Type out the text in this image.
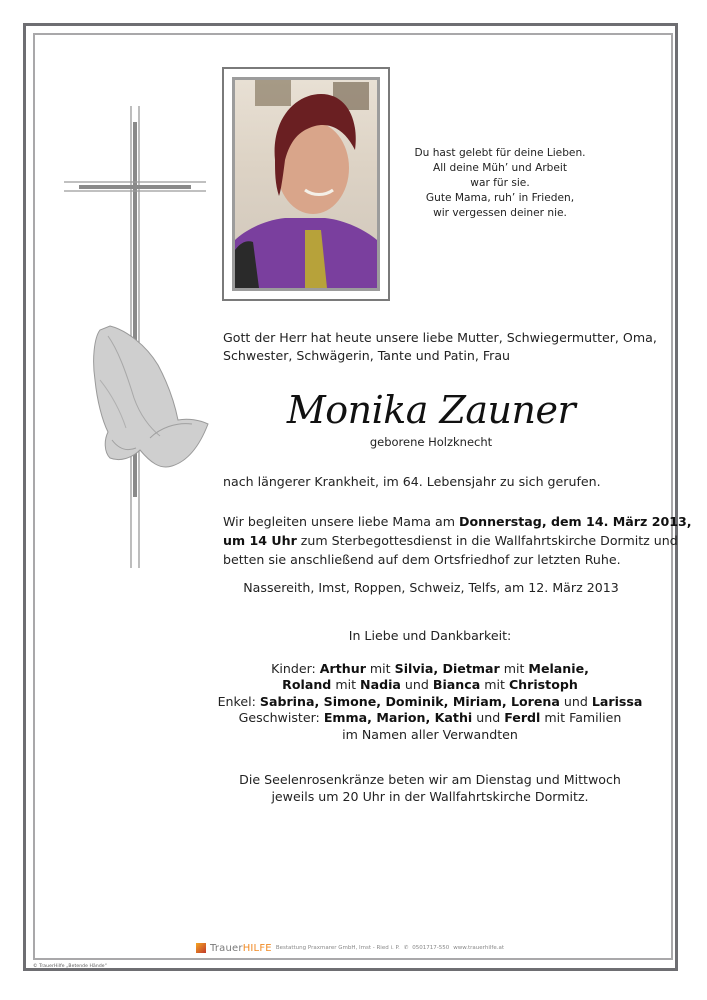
Du hast gelebt für deine Lieben.
All deine Müh’ und Arbeit
war für sie.
Gute Mama, ruh’ in Frieden,
wir vergessen deiner nie.
Gott der Herr hat heute unsere liebe Mutter, Schwiegermutter, Oma,
Schwester, Schwägerin, Tante und Patin, Frau
Monika Zauner
geborene Holzknecht
nach längerer Krankheit, im 64. Lebensjahr zu sich gerufen.
Wir begleiten unsere liebe Mama am Donnerstag, dem 14. März 2013,
um 14 Uhr zum Sterbegottesdienst in die Wallfahrtskirche Dormitz und
betten sie anschließend auf dem Ortsfriedhof zur letzten Ruhe.
Nassereith, Imst, Roppen, Schweiz, Telfs, am 12. März 2013
In Liebe und Dankbarkeit:
Kinder: Arthur mit Silvia, Dietmar mit Melanie,
Roland mit Nadia und Bianca mit Christoph
Enkel: Sabrina, Simone, Dominik, Miriam, Lorena und Larissa
Geschwister: Emma, Marion, Kathi und Ferdl mit Familien
im Namen aller Verwandten
Die Seelenrosenkränze beten wir am Dienstag und Mittwoch
jeweils um 20 Uhr in der Wallfahrtskirche Dormitz.
Trauer HILFE Bestattung Praxmarer GmbH, Imst - Ried i. P. ✆ 0501717-550 www.trauerhilfe.at
© TrauerHilfe „Betende Hände“
